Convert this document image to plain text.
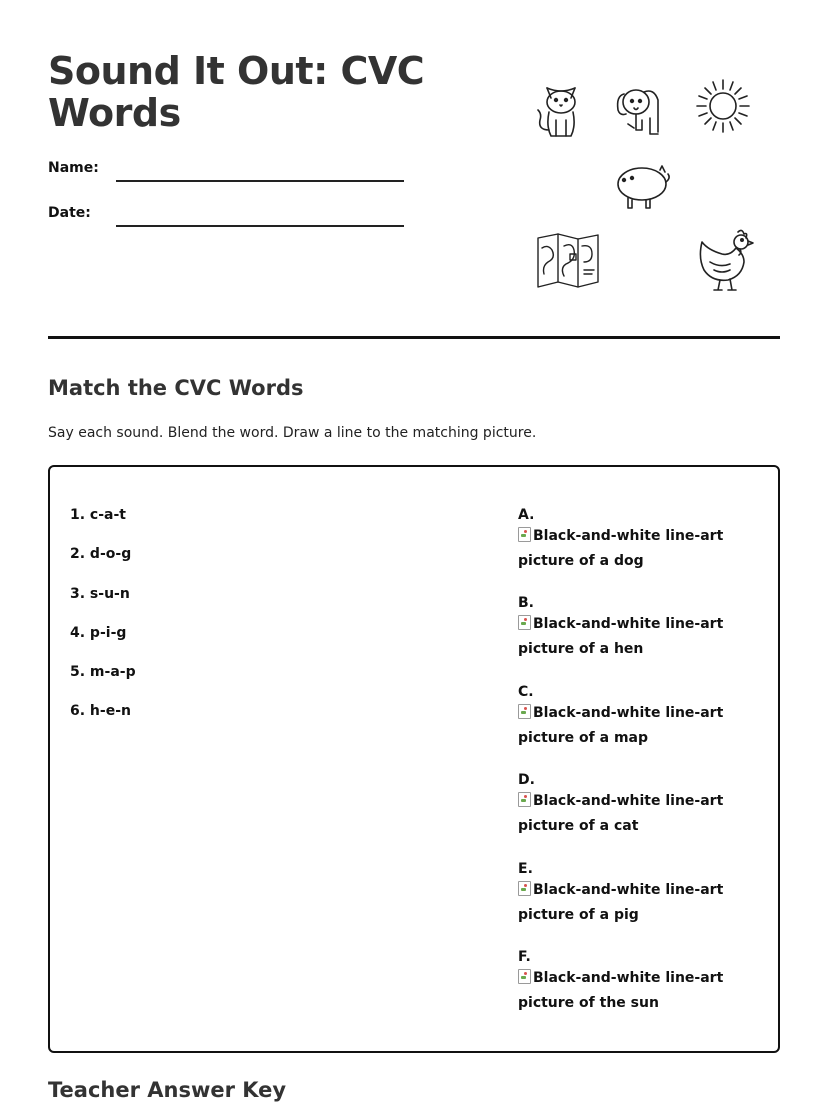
Sound It Out: CVC Words
Name:
Date:
Match the CVC Words
Say each sound. Blend the word. Draw a line to the matching picture.
1. c-a-t
2. d-o-g
3. s-u-n
4. p-i-g
5. m-a-p
6. h-e-n
A.
Black-and-white line-art picture of a dog
B.
Black-and-white line-art picture of a hen
C.
Black-and-white line-art picture of a map
D.
Black-and-white line-art picture of a cat
E.
Black-and-white line-art picture of a pig
F.
Black-and-white line-art picture of the sun
Teacher Answer Key
